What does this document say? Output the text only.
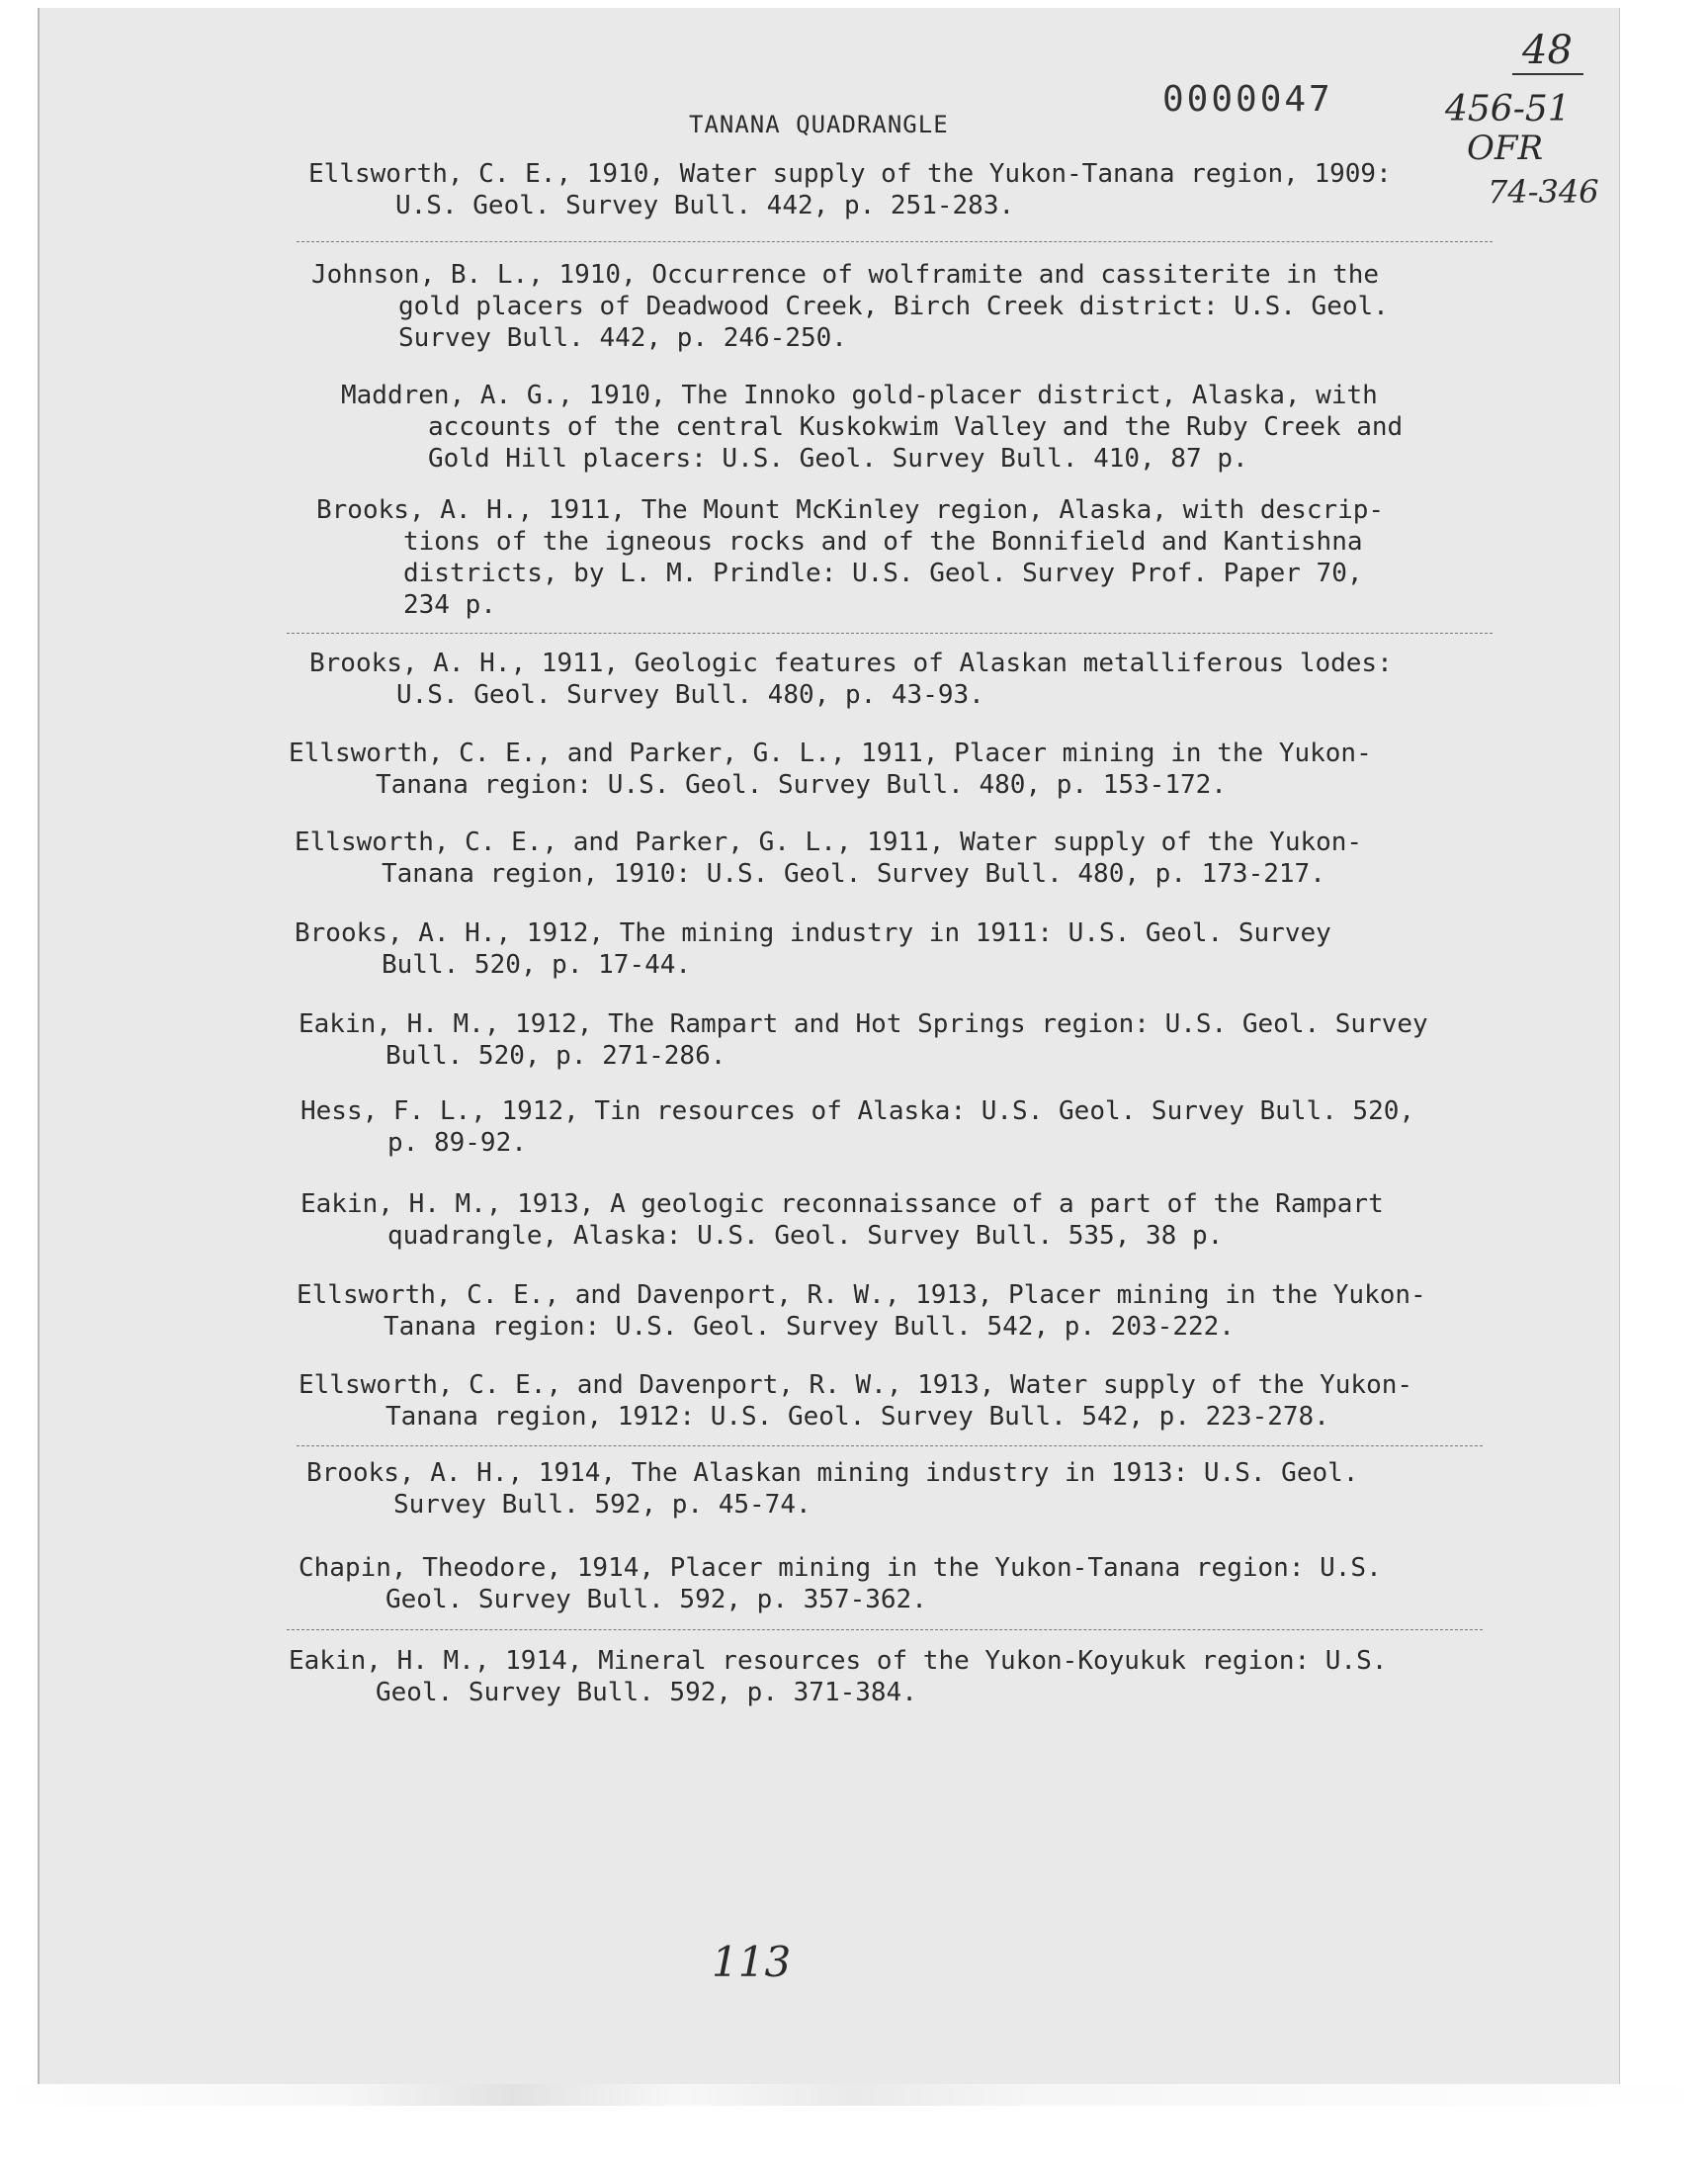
TANANA QUADRANGLE
0000047
48
456-51
OFR
74-346
Ellsworth, C. E., 1910, Water supply of the Yukon-Tanana region, 1909:
U.S. Geol. Survey Bull. 442, p. 251-283.
Johnson, B. L., 1910, Occurrence of wolframite and cassiterite in the
gold placers of Deadwood Creek, Birch Creek district: U.S. Geol.
Survey Bull. 442, p. 246-250.
Maddren, A. G., 1910, The Innoko gold-placer district, Alaska, with
accounts of the central Kuskokwim Valley and the Ruby Creek and
Gold Hill placers: U.S. Geol. Survey Bull. 410, 87 p.
Brooks, A. H., 1911, The Mount McKinley region, Alaska, with descrip-
tions of the igneous rocks and of the Bonnifield and Kantishna
districts, by L. M. Prindle: U.S. Geol. Survey Prof. Paper 70,
234 p.
Brooks, A. H., 1911, Geologic features of Alaskan metalliferous lodes:
U.S. Geol. Survey Bull. 480, p. 43-93.
Ellsworth, C. E., and Parker, G. L., 1911, Placer mining in the Yukon-
Tanana region: U.S. Geol. Survey Bull. 480, p. 153-172.
Ellsworth, C. E., and Parker, G. L., 1911, Water supply of the Yukon-
Tanana region, 1910: U.S. Geol. Survey Bull. 480, p. 173-217.
Brooks, A. H., 1912, The mining industry in 1911: U.S. Geol. Survey
Bull. 520, p. 17-44.
Eakin, H. M., 1912, The Rampart and Hot Springs region: U.S. Geol. Survey
Bull. 520, p. 271-286.
Hess, F. L., 1912, Tin resources of Alaska: U.S. Geol. Survey Bull. 520,
p. 89-92.
Eakin, H. M., 1913, A geologic reconnaissance of a part of the Rampart
quadrangle, Alaska: U.S. Geol. Survey Bull. 535, 38 p.
Ellsworth, C. E., and Davenport, R. W., 1913, Placer mining in the Yukon-
Tanana region: U.S. Geol. Survey Bull. 542, p. 203-222.
Ellsworth, C. E., and Davenport, R. W., 1913, Water supply of the Yukon-
Tanana region, 1912: U.S. Geol. Survey Bull. 542, p. 223-278.
Brooks, A. H., 1914, The Alaskan mining industry in 1913: U.S. Geol.
Survey Bull. 592, p. 45-74.
Chapin, Theodore, 1914, Placer mining in the Yukon-Tanana region: U.S.
Geol. Survey Bull. 592, p. 357-362.
Eakin, H. M., 1914, Mineral resources of the Yukon-Koyukuk region: U.S.
Geol. Survey Bull. 592, p. 371-384.
113
